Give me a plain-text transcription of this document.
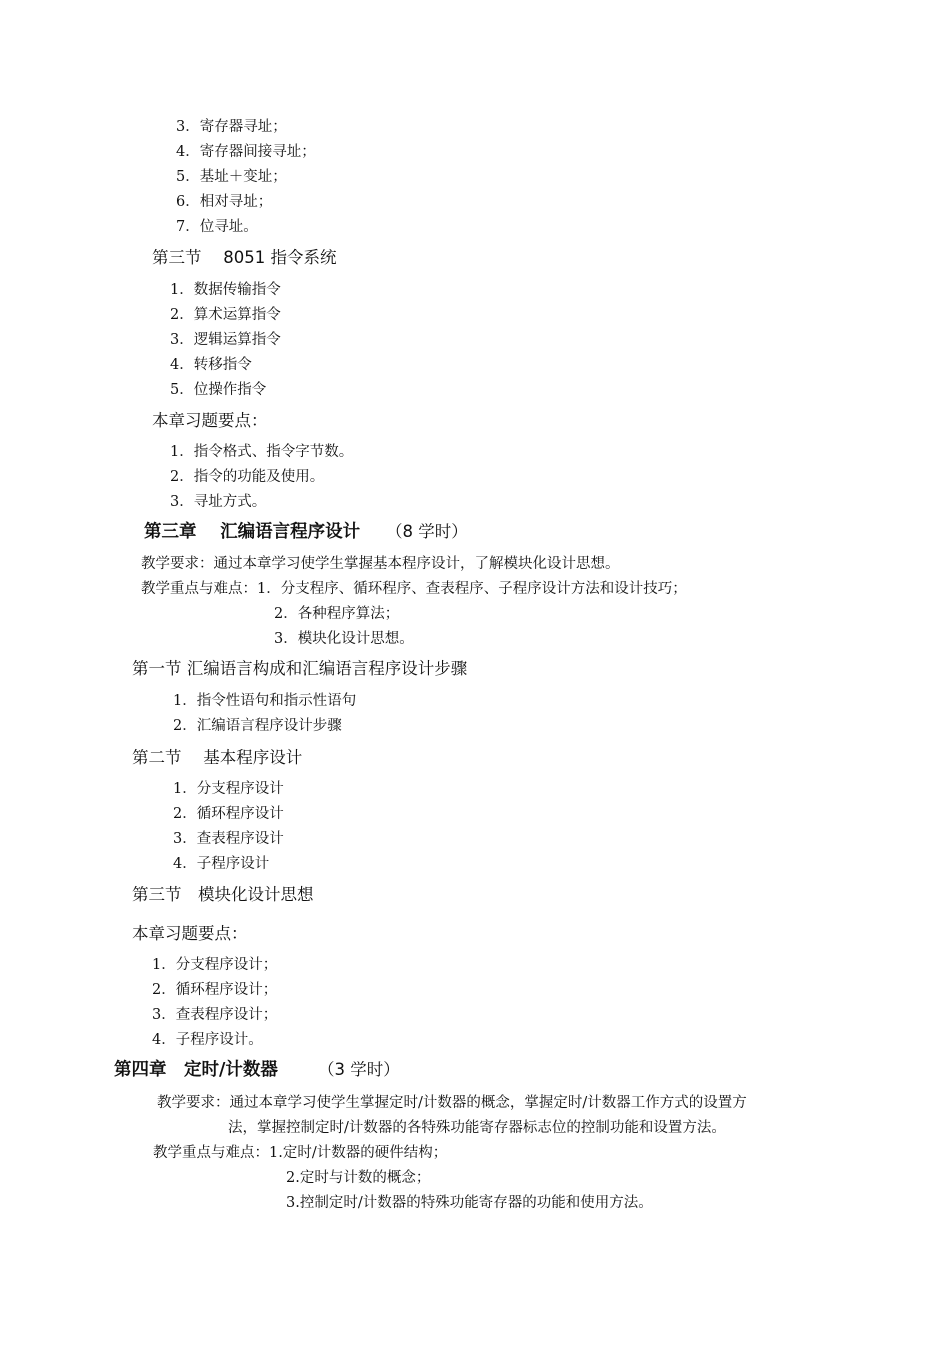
3．寄存器寻址；
4．寄存器间接寻址；
5．基址＋变址；
6．相对寻址；
7．位寻址。
第三节　 8051 指令系统
1．数据传输指令
2．算术运算指令
3．逻辑运算指令
4．转移指令
5．位操作指令
本章习题要点：
1．指令格式、指令字节数。
2．指令的功能及使用。
3．寻址方式。
第三章　 汇编语言程序设计 （8 学时）
教学要求：通过本章学习使学生掌握基本程序设计，了解模块化设计思想。
教学重点与难点：1．分支程序、循环程序、查表程序、子程序设计方法和设计技巧；
2．各种程序算法；
3．模块化设计思想。
第一节 汇编语言构成和汇编语言程序设计步骤
1．指令性语句和指示性语句
2．汇编语言程序设计步骤
第二节　 基本程序设计
1．分支程序设计
2．循环程序设计
3．查表程序设计
4．子程序设计
第三节　模块化设计思想
本章习题要点：
1．分支程序设计；
2．循环程序设计；
3．查表程序设计；
4．子程序设计。
第四章　定时/计数器 （3 学时）
教学要求：通过本章学习使学生掌握定时/计数器的概念，掌握定时/计数器工作方式的设置方
法，掌握控制定时/计数器的各特殊功能寄存器标志位的控制功能和设置方法。
教学重点与难点：1.定时/计数器的硬件结构；
2.定时与计数的概念；
3.控制定时/计数器的特殊功能寄存器的功能和使用方法。
